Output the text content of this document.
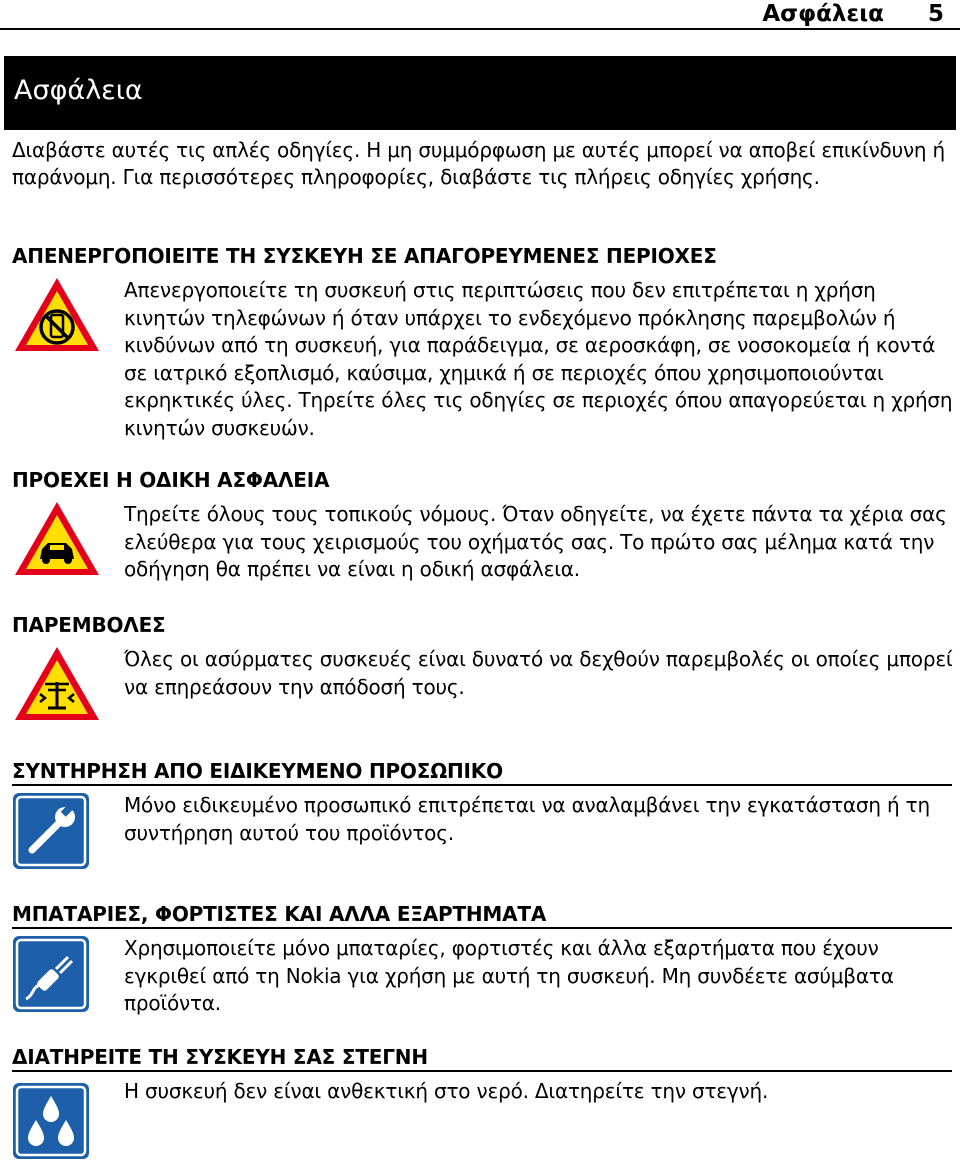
Ασφάλεια 5
Ασφάλεια
Διαβάστε αυτές τις απλές οδηγίες. Η μη συμμόρφωση με αυτές μπορεί να αποβεί επικίνδυνη ή παράνομη. Για περισσότερες πληροφορίες, διαβάστε τις πλήρεις οδηγίες χρήσης.
ΑΠΕΝΕΡΓΟΠΟΙΕΙΤΕ ΤΗ ΣΥΣΚΕΥΗ ΣΕ ΑΠΑΓΟΡΕΥΜΕΝΕΣ ΠΕΡΙΟΧΕΣ
Απενεργοποιείτε τη συσκευή στις περιπτώσεις που δεν επιτρέπεται η χρήση κινητών τηλεφώνων ή όταν υπάρχει το ενδεχόμενο πρόκλησης παρεμβολών ή κινδύνων από τη συσκευή, για παράδειγμα, σε αεροσκάφη, σε νοσοκομεία ή κοντά σε ιατρικό εξοπλισμό, καύσιμα, χημικά ή σε περιοχές όπου χρησιμοποιούνται εκρηκτικές ύλες. Τηρείτε όλες τις οδηγίες σε περιοχές όπου απαγορεύεται η χρήση κινητών συσκευών.
ΠΡΟΕΧΕΙ Η ΟΔΙΚΗ ΑΣΦΑΛΕΙΑ
Τηρείτε όλους τους τοπικούς νόμους. Όταν οδηγείτε, να έχετε πάντα τα χέρια σας ελεύθερα για τους χειρισμούς του οχήματός σας. Το πρώτο σας μέλημα κατά την οδήγηση θα πρέπει να είναι η οδική ασφάλεια.
ΠΑΡΕΜΒΟΛΕΣ
Όλες οι ασύρματες συσκευές είναι δυνατό να δεχθούν παρεμβολές οι οποίες μπορεί να επηρεάσουν την απόδοσή τους.
ΣΥΝΤΗΡΗΣΗ ΑΠΟ ΕΙΔΙΚΕΥΜΕΝΟ ΠΡΟΣΩΠΙΚΟ
Μόνο ειδικευμένο προσωπικό επιτρέπεται να αναλαμβάνει την εγκατάσταση ή τη συντήρηση αυτού του προϊόντος.
ΜΠΑΤΑΡΙΕΣ, ΦΟΡΤΙΣΤΕΣ ΚΑΙ ΑΛΛΑ ΕΞΑΡΤΗΜΑΤΑ
Χρησιμοποιείτε μόνο μπαταρίες, φορτιστές και άλλα εξαρτήματα που έχουν εγκριθεί από τη Nokia για χρήση με αυτή τη συσκευή. Μη συνδέετε ασύμβατα προϊόντα.
ΔΙΑΤΗΡΕΙΤΕ ΤΗ ΣΥΣΚΕΥΗ ΣΑΣ ΣΤΕΓΝΗ
Η συσκευή δεν είναι ανθεκτική στο νερό. Διατηρείτε την στεγνή.
